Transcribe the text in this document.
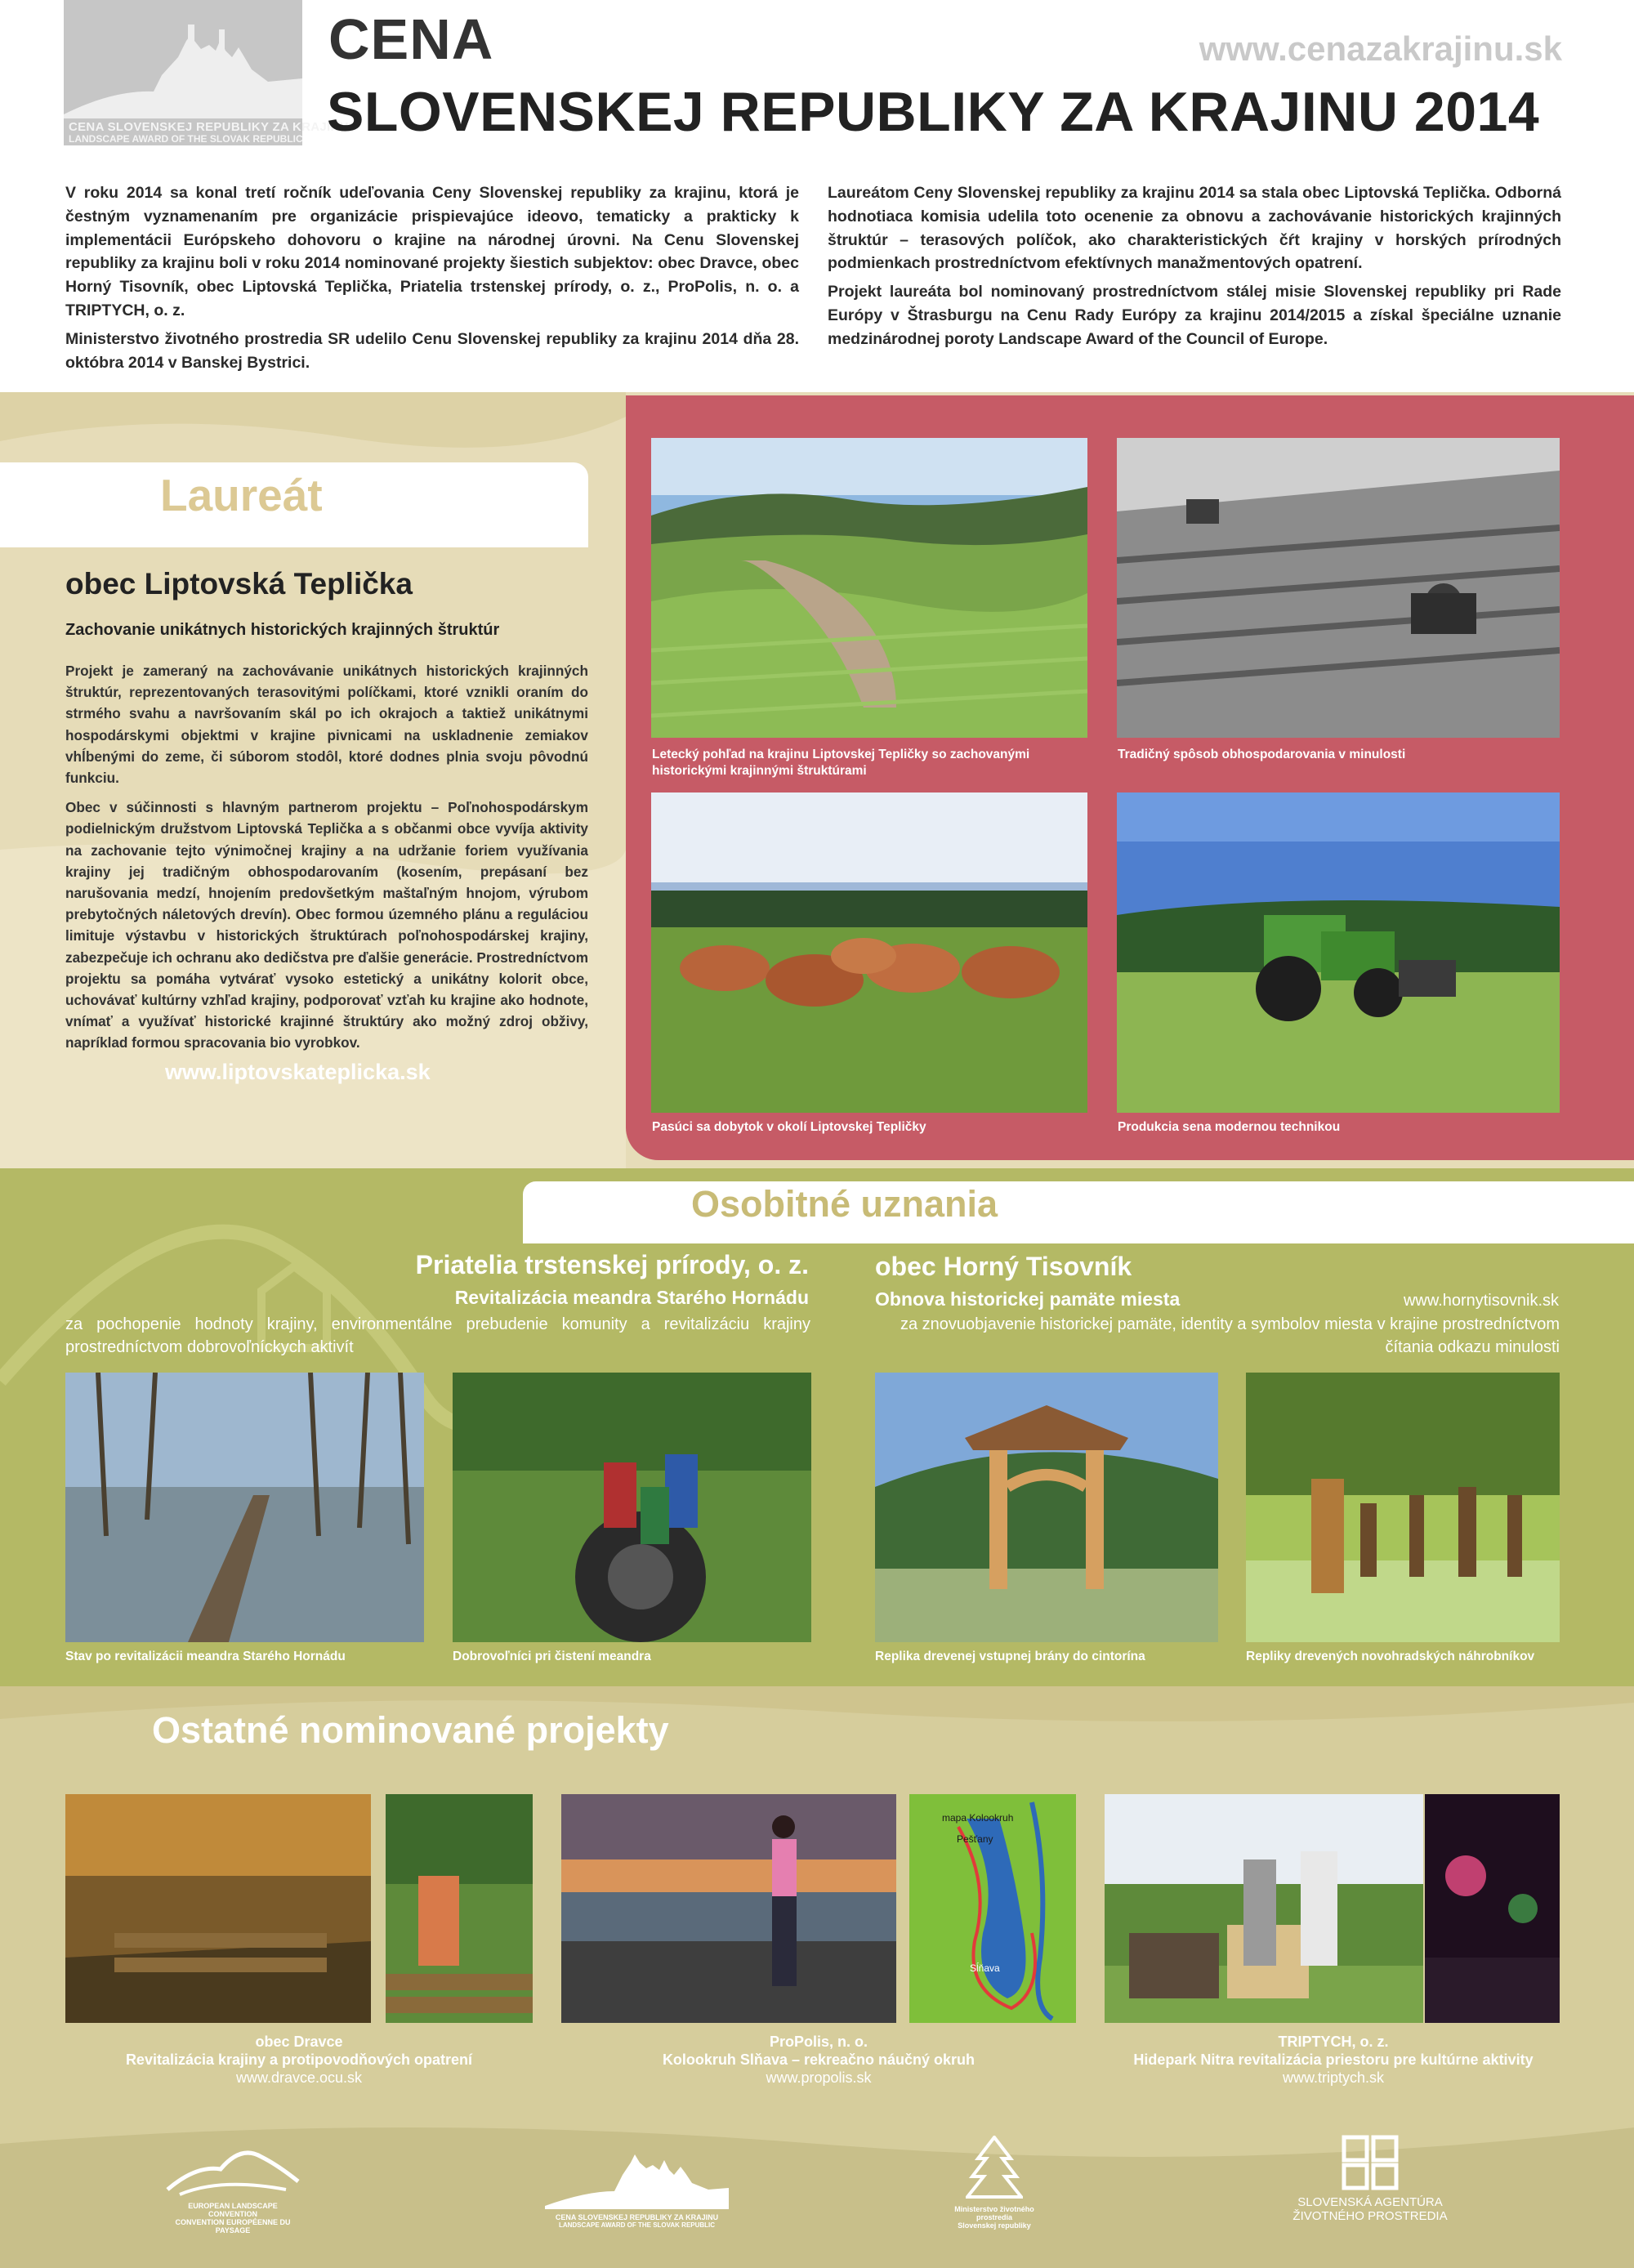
CENA SLOVENSKEJ REPUBLIKY ZA KRAJINU
LANDSCAPE AWARD OF THE SLOVAK REPUBLIC
CENA
SLOVENSKEJ REPUBLIKY ZA KRAJINU 2014
www.cenazakrajinu.sk

V roku 2014 sa konal tretí ročník udeľovania Ceny Slovenskej republiky za krajinu, ktorá je čestným vyznamenaním pre organizácie prispievajúce ideovo, tematicky a prakticky k implementácii Európskeho dohovoru o krajine na národnej úrovni. Na Cenu Slovenskej republiky za krajinu boli v roku 2014 nominované projekty šiestich subjektov: obec Dravce, obec Horný Tisovník, obec Liptovská Teplička, Priatelia trstenskej prírody, o. z., ProPolis, n. o. a TRIPTYCH, o. z.

Ministerstvo životného prostredia SR udelilo Cenu Slovenskej republiky za krajinu 2014 dňa 28. októbra 2014 v Banskej Bystrici.

Laureátom Ceny Slovenskej republiky za krajinu 2014 sa stala obec Liptovská Teplička. Odborná hodnotiaca komisia udelila toto ocenenie za obnovu a zachovávanie historických krajinných štruktúr – terasových políčok, ako charakteristických čŕt krajiny v horských prírodných podmienkach prostredníctvom efektívnych manažmentových opatrení.

Projekt laureáta bol nominovaný prostredníctvom stálej misie Slovenskej republiky pri Rade Európy v Štrasburgu na Cenu Rady Európy za krajinu 2014/2015 a získal špeciálne uznanie medzinárodnej poroty Landscape Award of the Council of Europe.

Laureát
obec Liptovská Teplička
Zachovanie unikátnych historických krajinných štruktúr

Projekt je zameraný na zachovávanie unikátnych historických krajinných štruktúr, reprezentovaných terasovitými políčkami, ktoré vznikli oraním do strmého svahu a navršovaním skál po ich okrajoch a taktiež unikátnymi hospodárskymi objektmi v krajine pivnicami na uskladnenie zemiakov vhĺbenými do zeme, či súborom stodôl, ktoré dodnes plnia svoju pôvodnú funkciu.

Obec v súčinnosti s hlavným partnerom projektu – Poľnohospodárskym podielnickým družstvom Liptovská Teplička a s občanmi obce vyvíja aktivity na zachovanie tejto výnimočnej krajiny a na udržanie foriem využívania krajiny jej tradičným obhospodarovaním (kosením, prepásaní bez narušovania medzí, hnojením predovšetkým maštaľným hnojom, výrubom prebytočných náletových drevín). Obec formou územného plánu a reguláciou limituje výstavbu v historických štruktúrach poľnohospodárskej krajiny, zabezpečuje ich ochranu ako dedičstva pre ďalšie generácie. Prostredníctvom projektu sa pomáha vytvárať vysoko estetický a unikátny kolorit obce, uchovávať kultúrny vzhľad krajiny, podporovať vzťah ku krajine ako hodnote, vnímať a využívať historické krajinné štruktúry ako možný zdroj obživy, napríklad formou spracovania bio vyrobkov.

www.liptovskateplicka.sk
Letecký pohľad na krajinu Liptovskej Tepličky so zachovanými historickými krajinnými štruktúrami
Tradičný spôsob obhospodarovania v minulosti
Pasúci sa dobytok v okolí Liptovskej Tepličky	Produkcia sena modernou technikou
Osobitné uznania
Priatelia trstenskej prírody, o. z.
Revitalizácia meandra Starého Hornádu
za pochopenie hodnoty krajiny, environmentálne prebudenie komunity a revitalizáciu krajiny prostredníctvom dobrovoľníckych aktivít
obec Horný Tisovník
Obnova historickej pamäte miesta	www.hornytisovnik.sk
za znovuobjavenie historickej pamäte, identity a symbolov miesta v krajine prostredníctvom čítania odkazu minulosti
Stav po revitalizácii meandra Starého Hornádu	Dobrovoľníci pri čistení meandra	Replika drevenej vstupnej brány do cintorína	Repliky drevených novohradských náhrobníkov
Ostatné nominované projekty
mapa Kolookruh
Pešťany
Sĺňava
obec Dravce
Revitalizácia krajiny a protipovodňových opatrení
www.dravce.ocu.sk
ProPolis, n. o.
Kolookruh Slňava – rekreačno náučný okruh
www.propolis.sk
TRIPTYCH, o. z.
Hidepark Nitra revitalizácia priestoru pre kultúrne aktivity
www.triptych.sk
EUROPEAN LANDSCAPE CONVENTION
CONVENTION EUROPÉENNE DU PAYSAGE
CENA SLOVENSKEJ REPUBLIKY ZA KRAJINU
LANDSCAPE AWARD OF THE SLOVAK REPUBLIC
Ministerstvo životného prostredia
Slovenskej republiky
SLOVENSKÁ AGENTÚRA
ŽIVOTNÉHO PROSTREDIA
